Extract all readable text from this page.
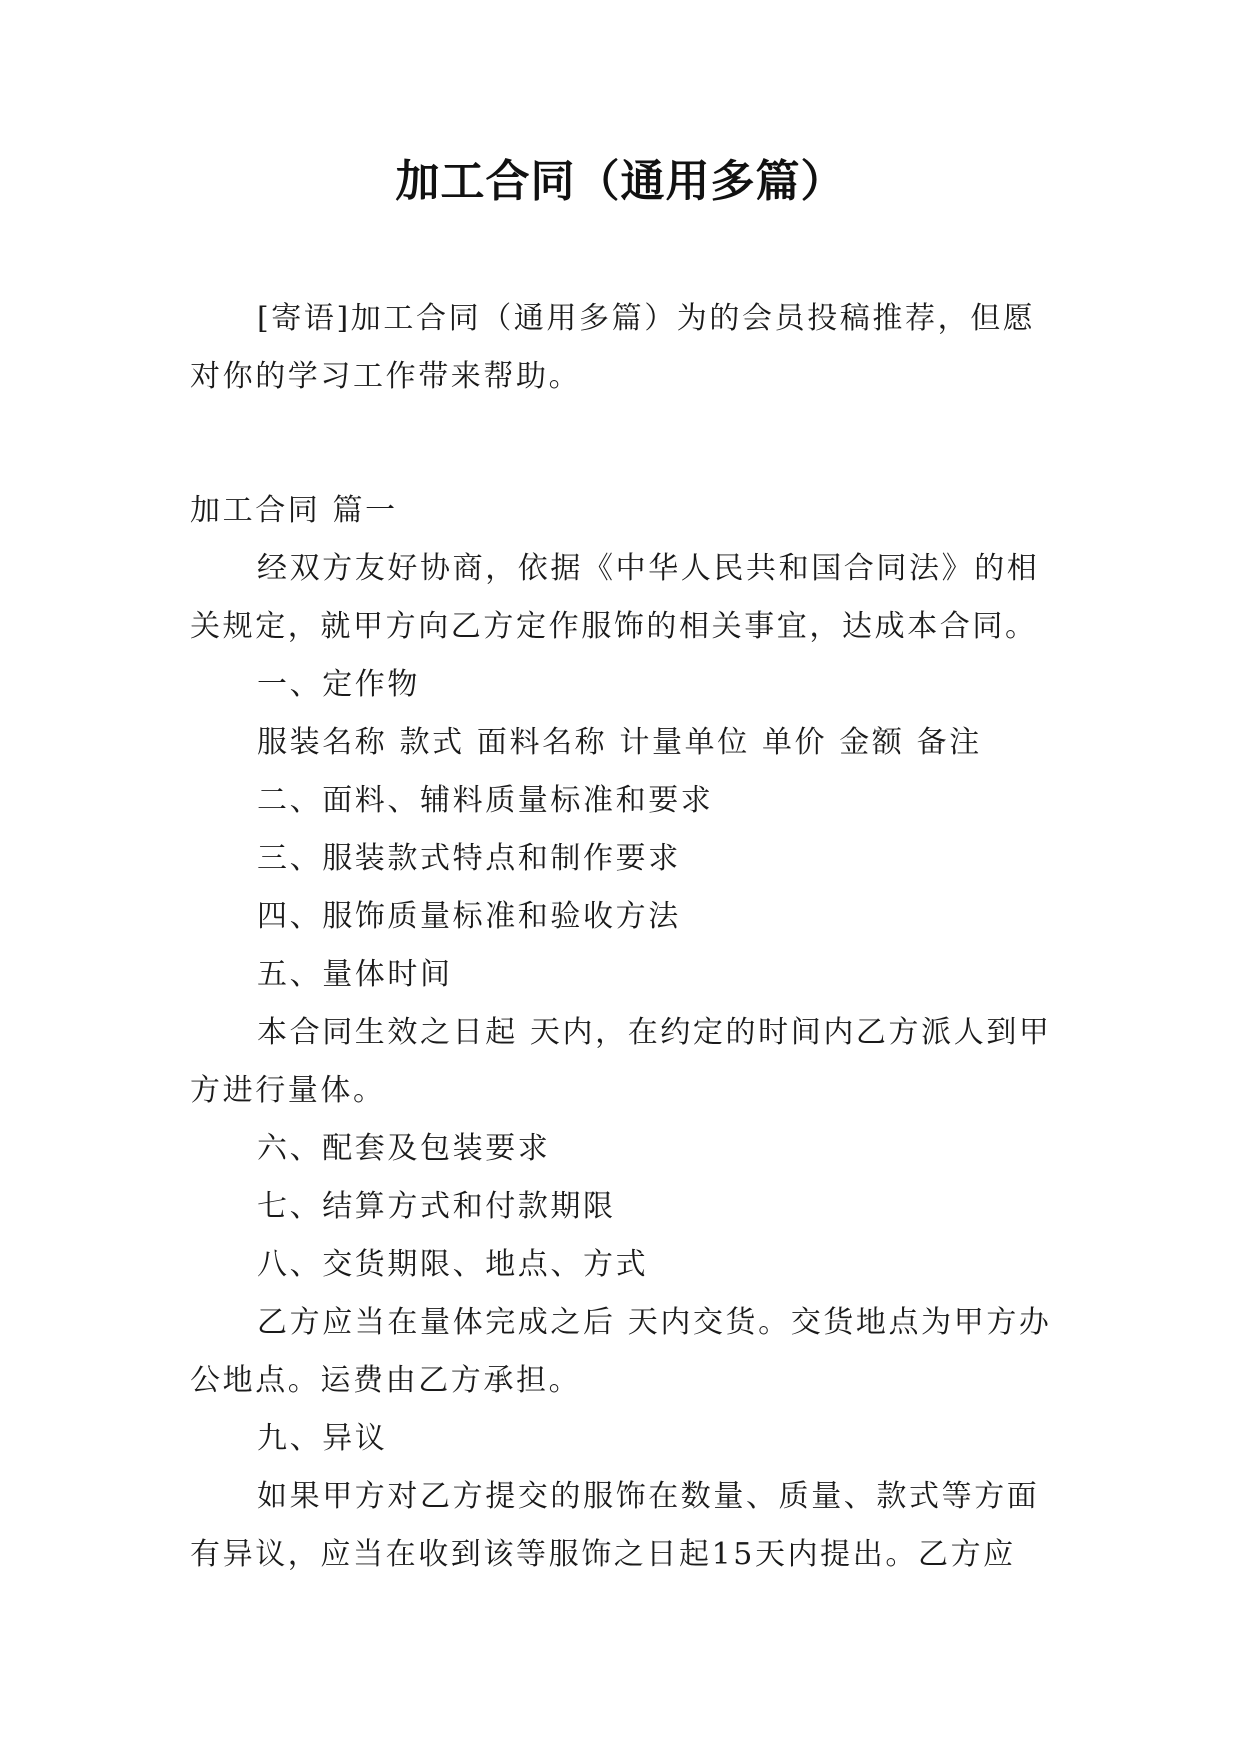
加工合同（通用多篇）

[寄语]加工合同（通用多篇）为的会员投稿推荐，但愿对你的学习工作带来帮助。

加工合同 篇一

经双方友好协商，依据《中华人民共和国合同法》的相关规定，就甲方向乙方定作服饰的相关事宜，达成本合同。

一、定作物

服装名称 款式 面料名称 计量单位 单价 金额 备注

二、面料、辅料质量标准和要求

三、服装款式特点和制作要求

四、服饰质量标准和验收方法

五、量体时间

本合同生效之日起 天内，在约定的时间内乙方派人到甲方进行量体。

六、配套及包装要求

七、结算方式和付款期限

八、交货期限、地点、方式

乙方应当在量体完成之后 天内交货。交货地点为甲方办公地点。运费由乙方承担。

九、异议

如果甲方对乙方提交的服饰在数量、质量、款式等方面有异议，应当在收到该等服饰之日起15天内提出。乙方应
